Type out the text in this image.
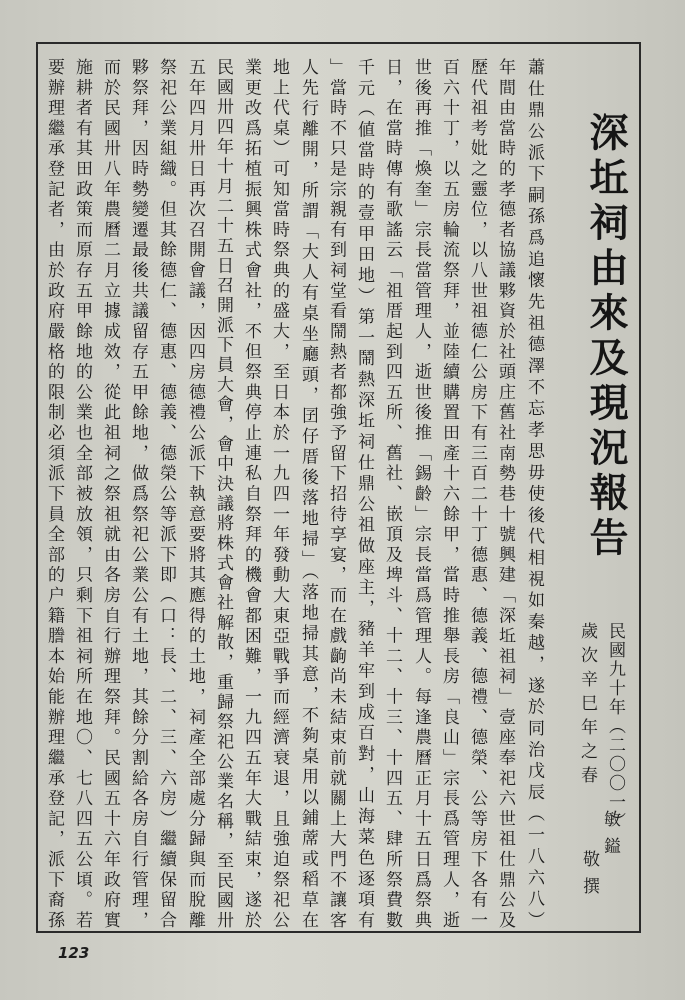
深坵祠由來及現況報告
民國九十年（二〇〇一）
歲次辛巳年之春
敏鎰
敬撰
蕭仕鼎公派下嗣孫爲追懷先祖德澤不忘孝思毋使後代相視如秦越，遂於同治戊辰（一八六八）
年間由當時的孝德者協議夥資於社頭庄舊社南勢巷十號興建「深坵祖祠」壹座奉祀六世祖仕鼎公及
歷代祖考妣之靈位，以八世祖德仁公房下有三百二十丁德惠、德義、德禮、德榮、公等房下各有一
百六十丁，以五房輪流祭拜，並陸續購置田產十六餘甲，當時推舉長房「良山」宗長爲管理人，逝
世後再推「煥奎」宗長當管理人，逝世後推「錫齡」宗長當爲管理人。每逢農曆正月十五日爲祭典
日，在當時傳有歌謠云「祖厝起到四五所、舊社、嵌頂及埤斗、十二、十三、十四五、肆所祭費數
千元（値當時的壹甲田地）第一鬧熱深坵祠仕鼎公祖做座主，豬羊牢到成百對，山海菜色逐項有
」當時不只是宗親有到祠堂看鬧熱者都強予留下招待享宴，而在戲齣尚未結束前就關上大門不讓客
人先行離開，所謂「大人有桌坐廳頭，囝仔厝後落地掃」（落地掃其意，不夠桌用以鋪蓆或稻草在
地上代桌）可知當時祭典的盛大，至日本於一九四一年發動大東亞戰爭而經濟衰退，且強迫祭祀公
業更改爲拓植振興株式會社，不但祭典停止連私自祭拜的機會都困難，一九四五年大戰結束，遂於
民國卅四年十月二十五日召開派下員大會，會中決議將株式會社解散，重歸祭祀公業名稱，至民國卅
五年四月卅日再次召開會議，因四房德禮公派下執意要將其應得的土地，祠產全部處分歸與而脫離
祭祀公業組織。但其餘德仁、德惠、德義、德榮公等派下即（口：長、二、三、六房）繼續保留合
夥祭拜，因時勢變遷最後共議留存五甲餘地，做爲祭祀公業公有土地，其餘分割給各房自行管理，
而於民國卅八年農曆二月立據成效，從此祖祠之祭祖就由各房自行辦理祭拜。民國五十六年政府實
施耕者有其田政策而原存五甲餘地的公業也全部被放領，只剩下祖祠所在地〇、七八四五公頃。若
要辦理繼承登記者，由於政府嚴格的限制必須派下員全部的户籍謄本始能辦理繼承登記，派下裔孫
123
